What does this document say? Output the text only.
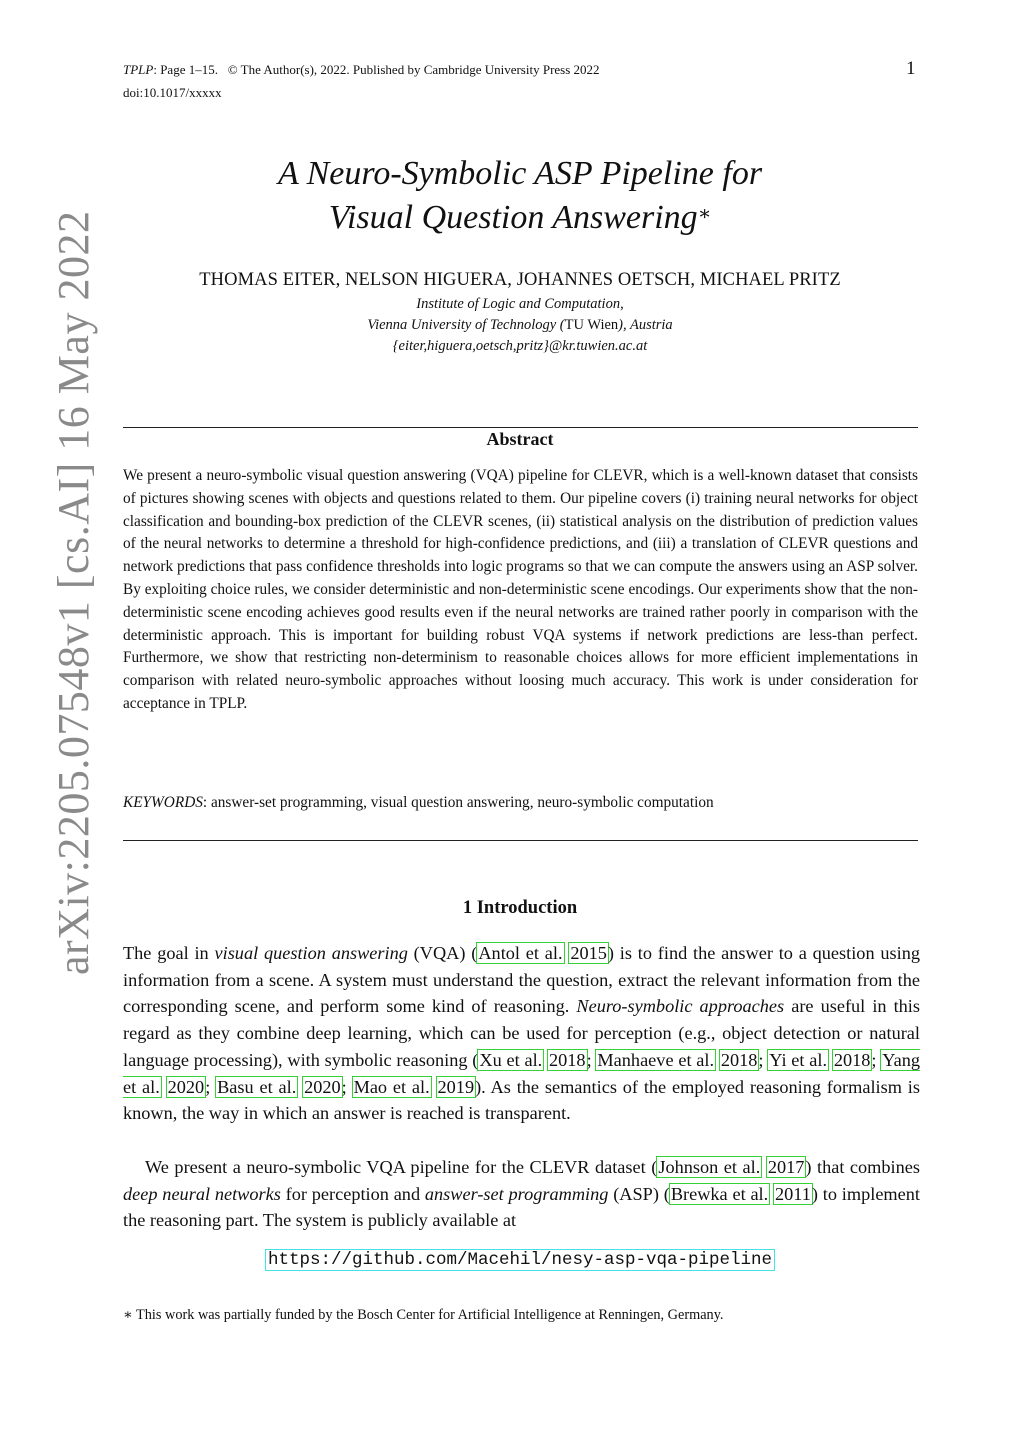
TPLP: Page 1–15. © The Author(s), 2022. Published by Cambridge University Press 2022
doi:10.1017/xxxxx
1
arXiv:2205.07548v1 [cs.AI] 16 May 2022
A Neuro-Symbolic ASP Pipeline for
Visual Question Answering∗
THOMAS EITER, NELSON HIGUERA, JOHANNES OETSCH, MICHAEL PRITZ
Institute of Logic and Computation,
Vienna University of Technology (TU Wien), Austria
{eiter,higuera,oetsch,pritz}@kr.tuwien.ac.at
Abstract
We present a neuro-symbolic visual question answering (VQA) pipeline for CLEVR, which is a well-known dataset that consists of pictures showing scenes with objects and questions related to them. Our pipeline covers (i) training neural networks for object classification and bounding-box prediction of the CLEVR scenes, (ii) statistical analysis on the distribution of prediction values of the neural networks to determine a threshold for high-confidence predictions, and (iii) a translation of CLEVR questions and network predictions that pass confidence thresholds into logic programs so that we can compute the answers using an ASP solver. By exploiting choice rules, we consider deterministic and non-deterministic scene encodings. Our experiments show that the non-deterministic scene encoding achieves good results even if the neural networks are trained rather poorly in comparison with the deterministic approach. This is important for building robust VQA systems if network predictions are less-than perfect. Furthermore, we show that restricting non-determinism to reasonable choices allows for more efficient implementations in comparison with related neuro-symbolic approaches without loosing much accuracy. This work is under consideration for acceptance in TPLP.
KEYWORDS: answer-set programming, visual question answering, neuro-symbolic computation
1 Introduction
The goal in visual question answering (VQA) (Antol et al. 2015) is to find the answer to a question using information from a scene. A system must understand the question, extract the relevant information from the corresponding scene, and perform some kind of reasoning. Neuro-symbolic approaches are useful in this regard as they combine deep learning, which can be used for perception (e.g., object detection or natural language processing), with symbolic reasoning (Xu et al. 2018; Manhaeve et al. 2018; Yi et al. 2018; Yang et al. 2020; Basu et al. 2020; Mao et al. 2019). As the semantics of the employed reasoning formalism is known, the way in which an answer is reached is transparent.
We present a neuro-symbolic VQA pipeline for the CLEVR dataset (Johnson et al. 2017) that combines deep neural networks for perception and answer-set programming (ASP) (Brewka et al. 2011) to implement the reasoning part. The system is publicly available at
https://github.com/Macehil/nesy-asp-vqa-pipeline
∗ This work was partially funded by the Bosch Center for Artificial Intelligence at Renningen, Germany.
